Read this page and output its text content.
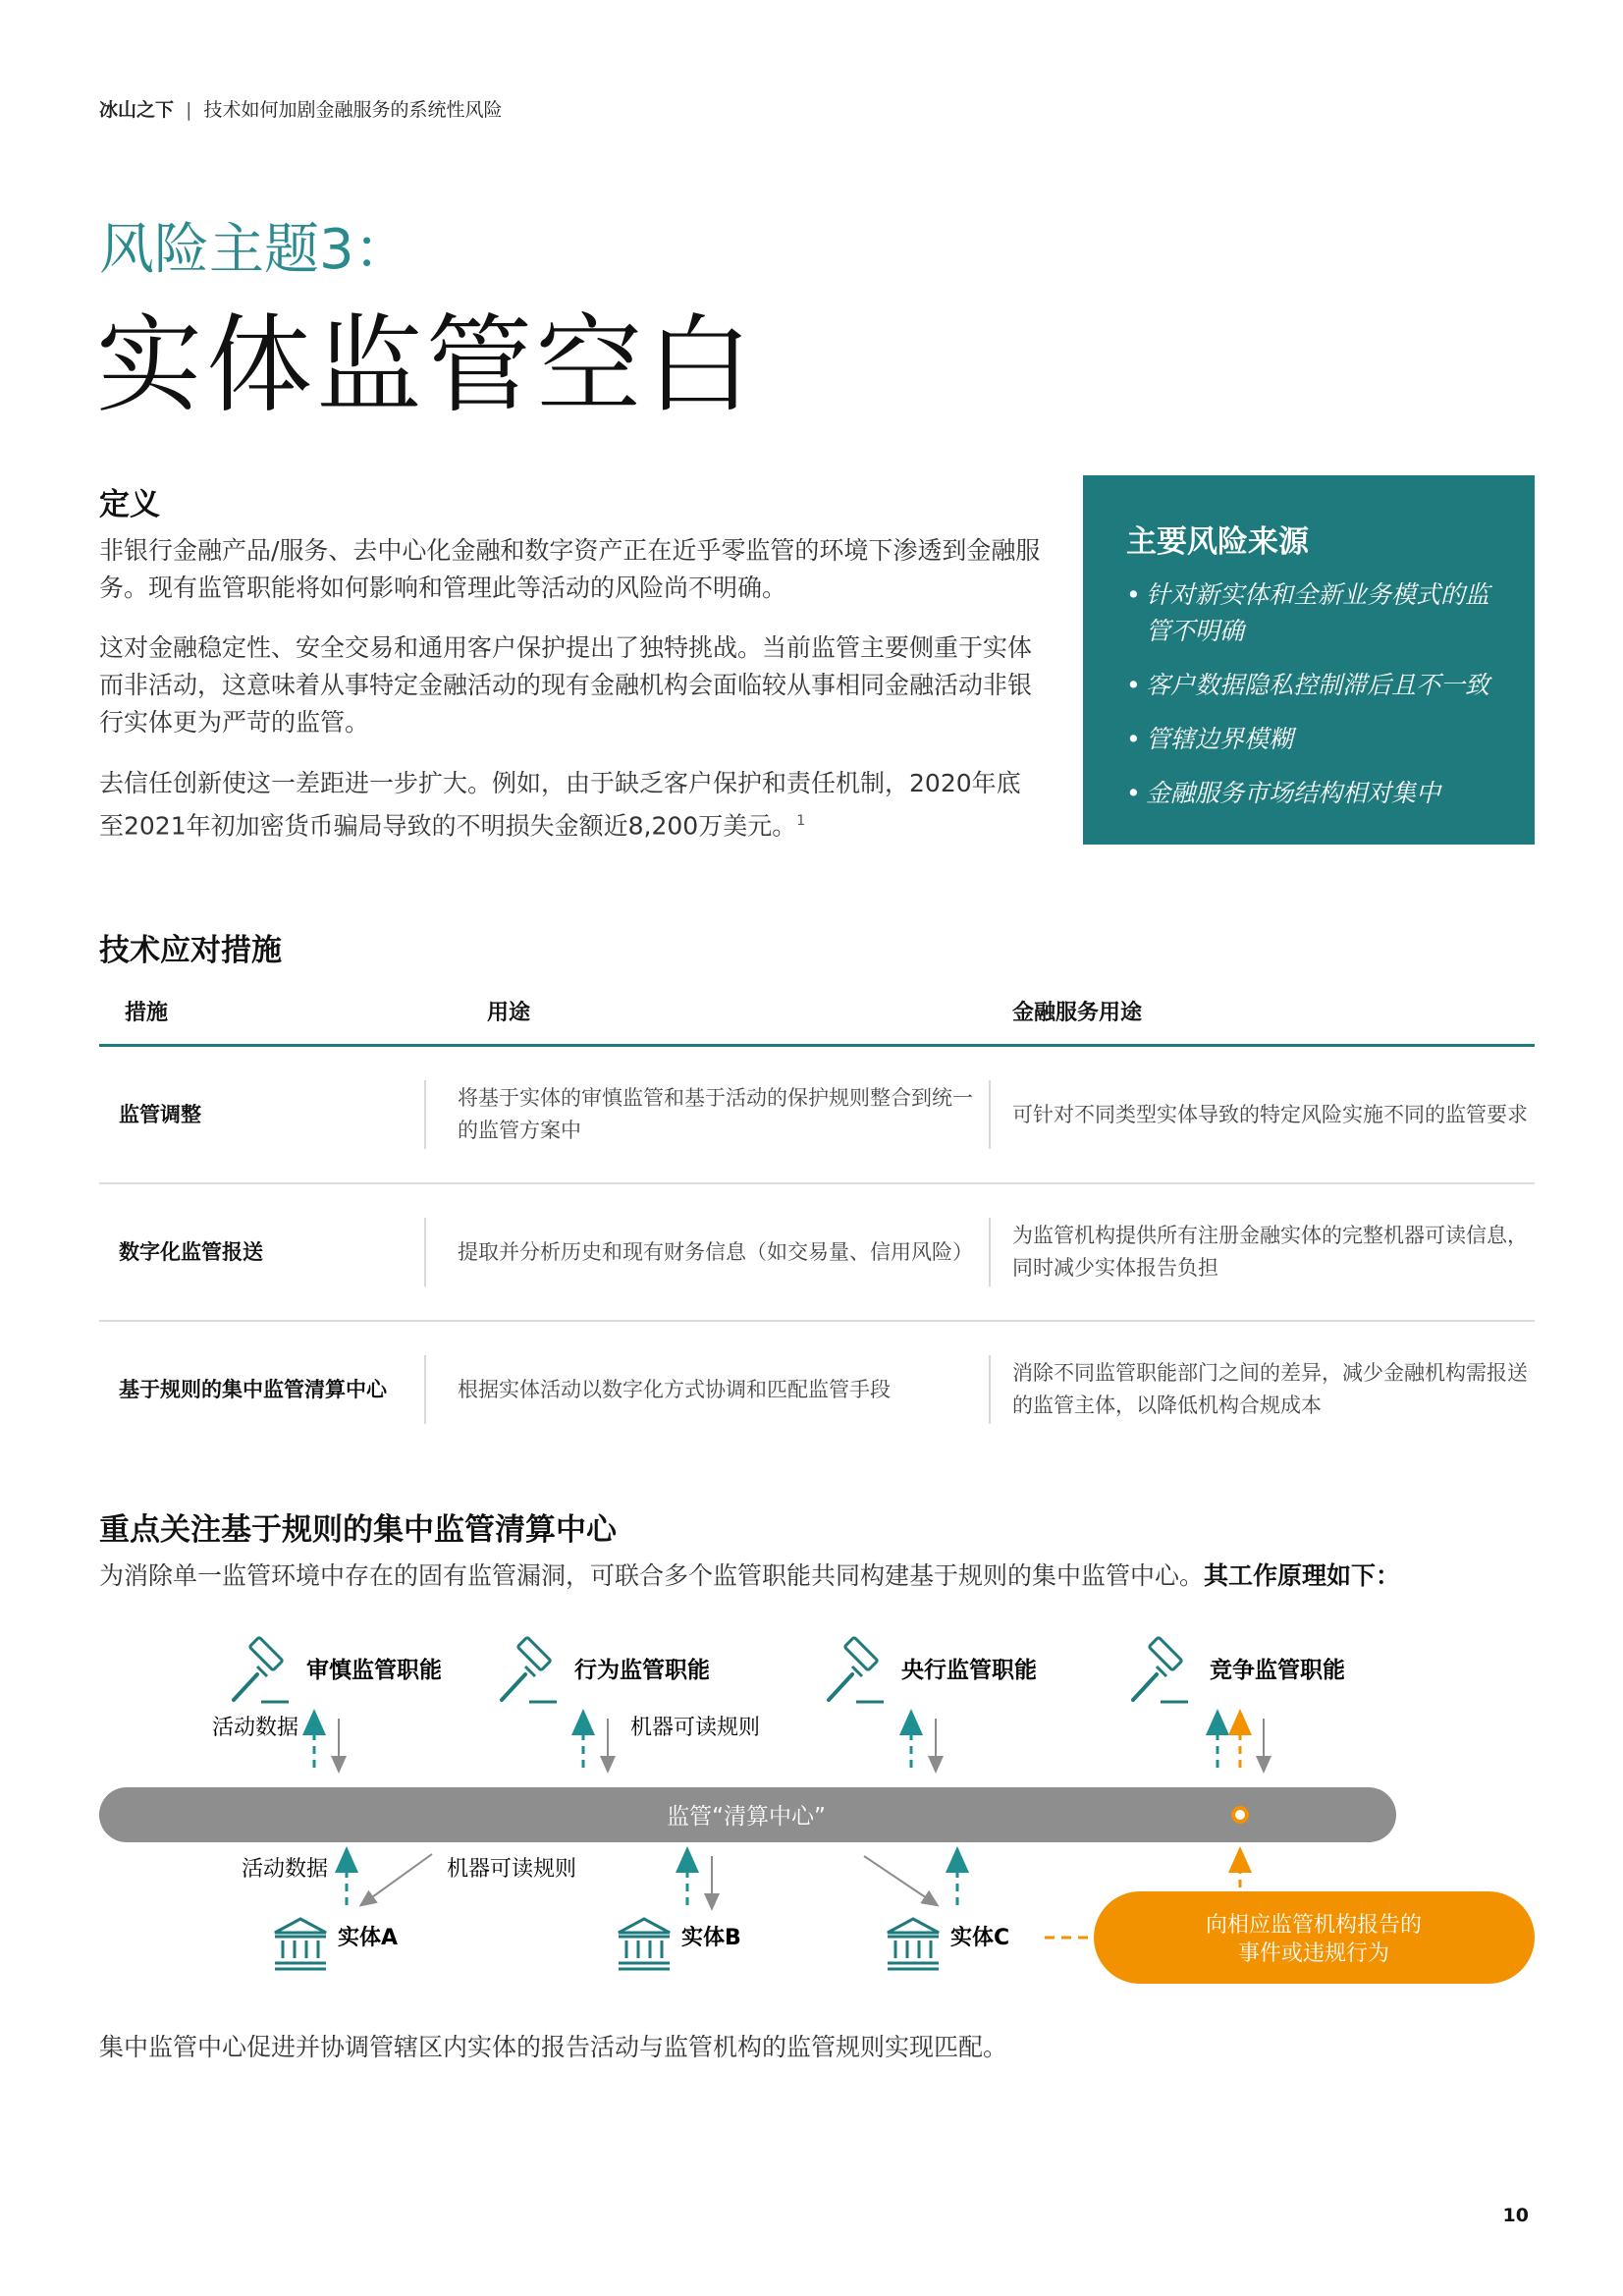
冰山之下 | 技术如何加剧金融服务的系统性风险
风险主题3：
实体监管空白
定义
非银行金融产品/服务、去中心化金融和数字资产正在近乎零监管的环境下渗透到金融服务。现有监管职能将如何影响和管理此等活动的风险尚不明确。
这对金融稳定性、安全交易和通用客户保护提出了独特挑战。当前监管主要侧重于实体而非活动，这意味着从事特定金融活动的现有金融机构会面临较从事相同金融活动非银行实体更为严苛的监管。
去信任创新使这一差距进一步扩大。例如，由于缺乏客户保护和责任机制，2020年底至2021年初加密货币骗局导致的不明损失金额近8,200万美元。$^1$
主要风险来源
• 针对新实体和全新业务模式的监管不明确
• 客户数据隐私控制滞后且不一致
• 管辖边界模糊
• 金融服务市场结构相对集中
技术应对措施
措施	用途	金融服务用途
监管调整	将基于实体的审慎监管和基于活动的保护规则整合到统一的监管方案中	可针对不同类型实体导致的特定风险实施不同的监管要求
数字化监管报送	提取并分析历史和现有财务信息（如交易量、信用风险）	为监管机构提供所有注册金融实体的完整机器可读信息，同时减少实体报告负担
基于规则的集中监管清算中心	根据实体活动以数字化方式协调和匹配监管手段	消除不同监管职能部门之间的差异，减少金融机构需报送的监管主体，以降低机构合规成本
重点关注基于规则的集中监管清算中心
为消除单一监管环境中存在的固有监管漏洞，可联合多个监管职能共同构建基于规则的集中监管中心。其工作原理如下：
审慎监管职能	行为监管职能	央行监管职能	竞争监管职能
活动数据	机器可读规则
监管“清算中心”
活动数据	机器可读规则
实体A	实体B	实体C
向相应监管机构报告的
事件或违规行为
集中监管中心促进并协调管辖区内实体的报告活动与监管机构的监管规则实现匹配。
10
